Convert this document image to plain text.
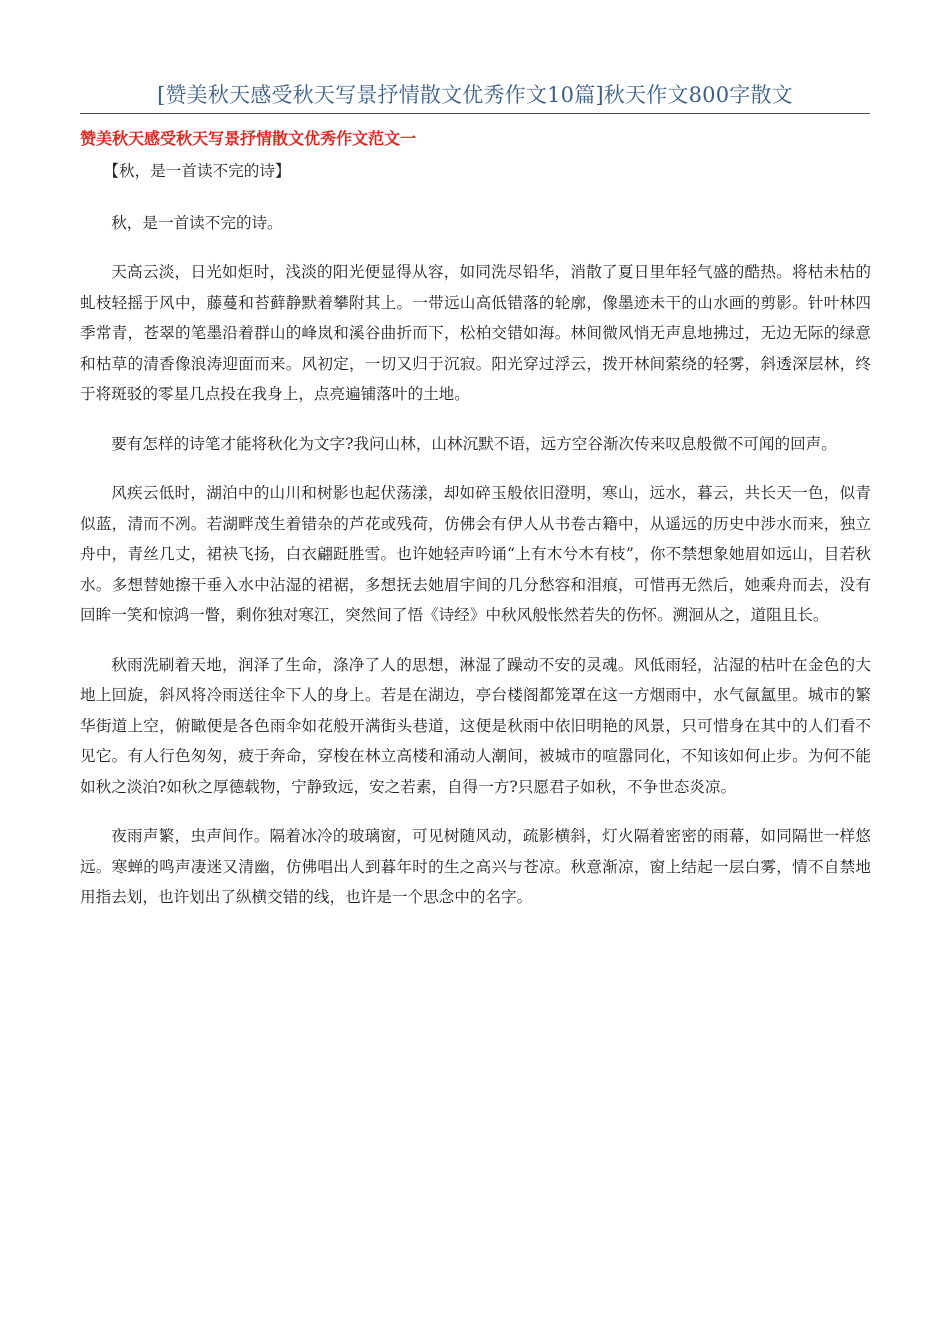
[赞美秋天感受秋天写景抒情散文优秀作文10篇]秋天作文800字散文
赞美秋天感受秋天写景抒情散文优秀作文范文一

【秋，是一首读不完的诗】

秋，是一首读不完的诗。

天高云淡，日光如炬时，浅淡的阳光便显得从容，如同洗尽铅华，消散了夏日里年轻气盛的酷热。将枯未枯的虬枝轻摇于风中，藤蔓和苔藓静默着攀附其上。一带远山高低错落的轮廓，像墨迹未干的山水画的剪影。针叶林四季常青，苍翠的笔墨沿着群山的峰岚和溪谷曲折而下，松柏交错如海。林间微风悄无声息地拂过，无边无际的绿意和枯草的清香像浪涛迎面而来。风初定，一切又归于沉寂。阳光穿过浮云，拨开林间萦绕的轻雾，斜透深层林，终于将斑驳的零星几点投在我身上，点亮遍铺落叶的土地。

要有怎样的诗笔才能将秋化为文字?我问山林，山林沉默不语，远方空谷渐次传来叹息般微不可闻的回声。

风疾云低时，湖泊中的山川和树影也起伏荡漾，却如碎玉般依旧澄明，寒山，远水，暮云，共长天一色，似青似蓝，清而不冽。若湖畔茂生着错杂的芦花或残荷，仿佛会有伊人从书卷古籍中，从遥远的历史中涉水而来，独立舟中，青丝几丈，裙袂飞扬，白衣翩跹胜雪。也许她轻声吟诵“上有木兮木有枝”，你不禁想象她眉如远山，目若秋水。多想替她擦干垂入水中沾湿的裙裾，多想抚去她眉宇间的几分愁容和泪痕，可惜再无然后，她乘舟而去，没有回眸一笑和惊鸿一瞥，剩你独对寒江，突然间了悟《诗经》中秋风般怅然若失的伤怀。溯洄从之，道阻且长。

秋雨洗刷着天地，润泽了生命，涤净了人的思想，淋湿了躁动不安的灵魂。风低雨轻，沾湿的枯叶在金色的大地上回旋，斜风将冷雨送往伞下人的身上。若是在湖边，亭台楼阁都笼罩在这一方烟雨中，水气氤氲里。城市的繁华街道上空，俯瞰便是各色雨伞如花般开满街头巷道，这便是秋雨中依旧明艳的风景，只可惜身在其中的人们看不见它。有人行色匆匆，疲于奔命，穿梭在林立高楼和涌动人潮间，被城市的喧嚣同化，不知该如何止步。为何不能如秋之淡泊?如秋之厚德载物，宁静致远，安之若素，自得一方?只愿君子如秋，不争世态炎凉。

夜雨声繁，虫声间作。隔着冰冷的玻璃窗，可见树随风动，疏影横斜，灯火隔着密密的雨幕，如同隔世一样悠远。寒蝉的鸣声凄迷又清幽，仿佛唱出人到暮年时的生之高兴与苍凉。秋意渐凉，窗上结起一层白雾，情不自禁地用指去划，也许划出了纵横交错的线，也许是一个思念中的名字。
